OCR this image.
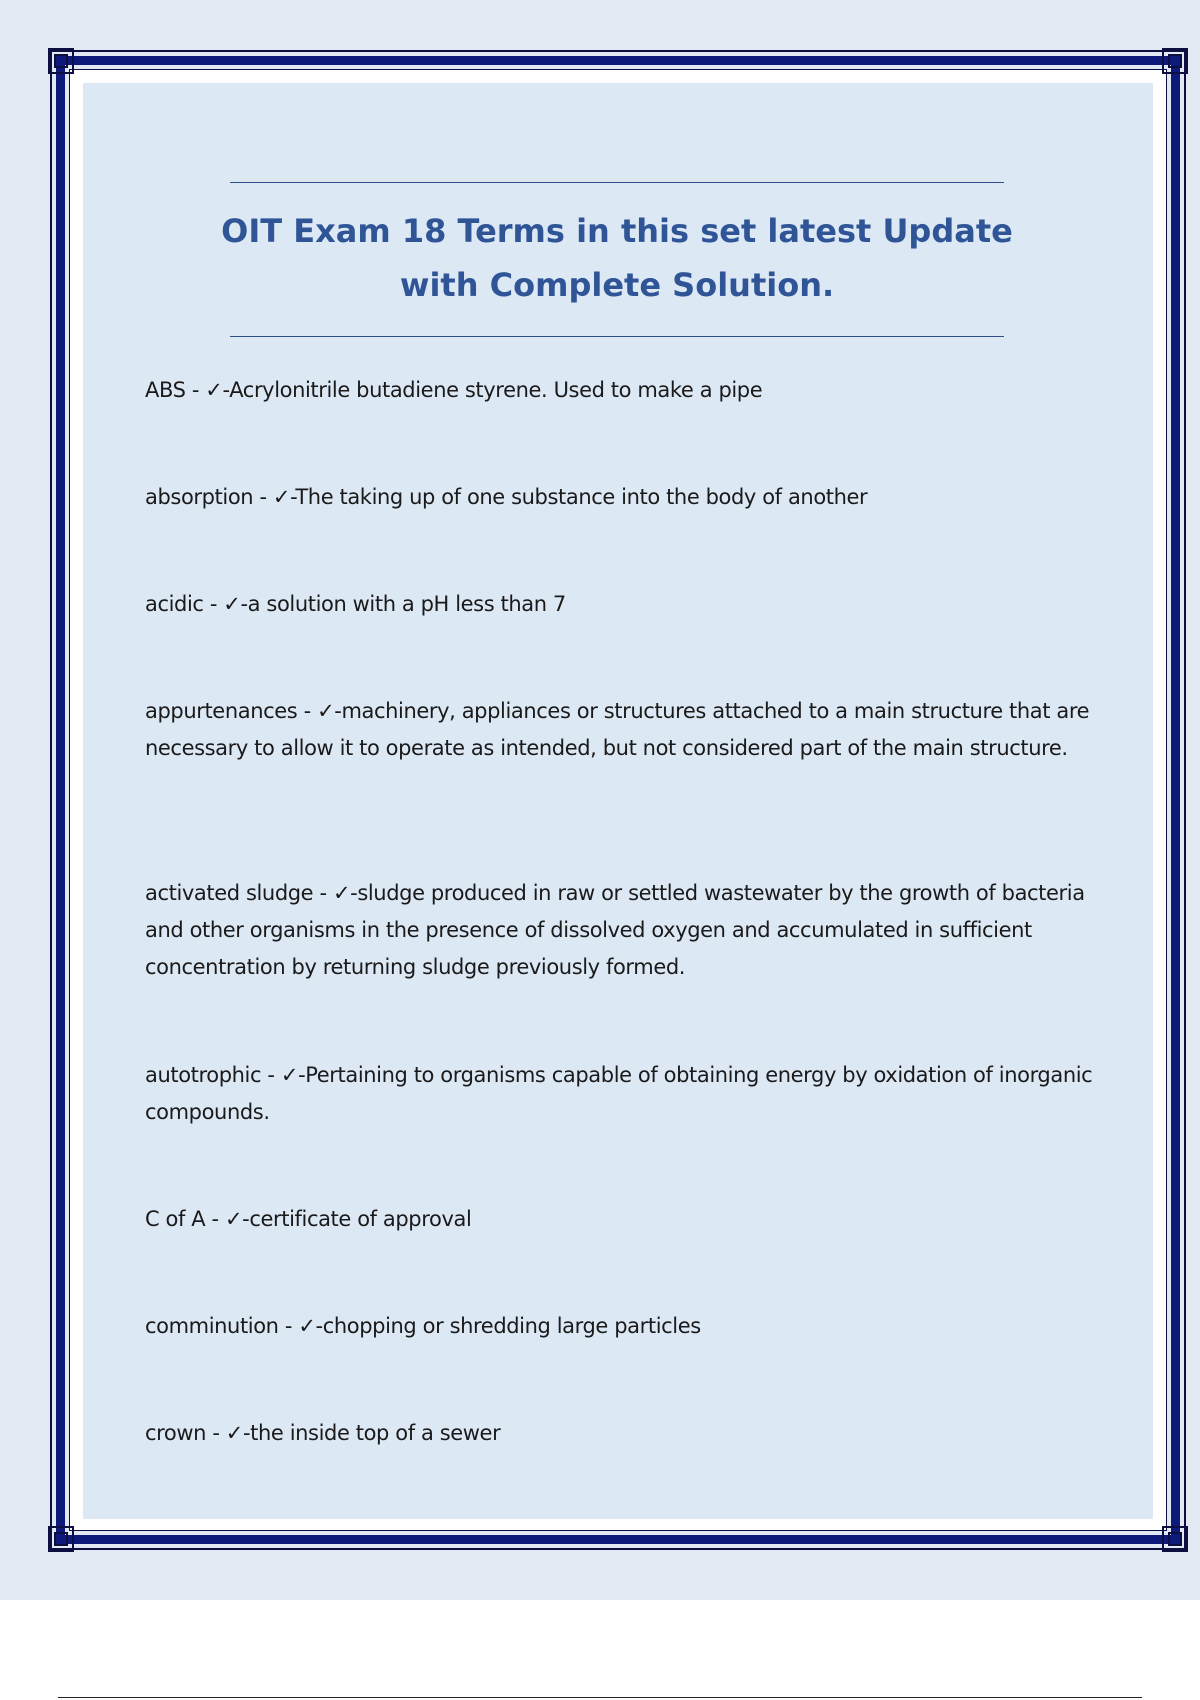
OIT Exam 18 Terms in this set latest Update with Complete Solution.
ABS - ✓-Acrylonitrile butadiene styrene. Used to make a pipe
absorption - ✓-The taking up of one substance into the body of another
acidic - ✓-a solution with a pH less than 7
appurtenances - ✓-machinery, appliances or structures attached to a main structure that are necessary to allow it to operate as intended, but not considered part of the main structure.
activated sludge - ✓-sludge produced in raw or settled wastewater by the growth of bacteria and other organisms in the presence of dissolved oxygen and accumulated in sufficient concentration by returning sludge previously formed.
autotrophic - ✓-Pertaining to organisms capable of obtaining energy by oxidation of inorganic compounds.
C of A - ✓-certificate of approval
comminution - ✓-chopping or shredding large particles
crown - ✓-the inside top of a sewer
